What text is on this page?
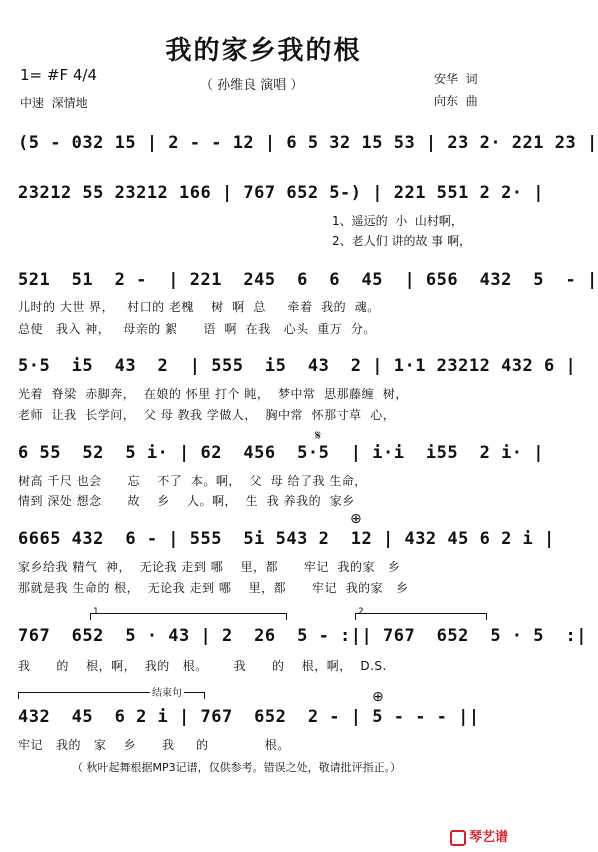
我的家乡我的根
1= #F 4/4
（ 孙维良 演唱 ）
中速  深情地
安华  词
向东  曲
(5 - 032 15 | 2 - - 12 | 6 5 32 15 53 | 23 2· 221 23 |
23212 55 23212 166 | 767 652 5-) | 221 551 2 2· |
1、遥远的  小  山村啊，
2、老人们 讲的故 事 啊，
521  51  2 -  | 221  245  6  6  45  | 656  432  5  - |
儿时的 大世 界，   村口的 老槐    树  啊  总     牵着  我的  魂。
总使   我入 神，   母亲的 絮      语  啊  在我   心头  重万  分。
5·5  i5  43  2  | 555  i5  43  2 | 1·1 23212 432 6 |
光着  脊梁  赤脚奔，  在娘的 怀里 打个 盹，  梦中常  思那藤缠  树，
老师  让我  长学问，  父 母 教我 学做人，  胸中常  怀那寸草  心，
𝄋
6 55  52  5 i· | 62  456  5·5  | i·i  i55  2 i· |
树高 千尺 也会      忘    不了  本。啊，  父  母 给了我 生命，
情到 深处 想念      故    乡    人。啊，  生  我 养我的  家乡
⊕
6665 432  6 - | 555  5i 543 2  12 | 432 45 6 2 i |
家乡给我 精气  神，  无论我 走到 哪    里，都      牢记  我的家   乡
那就是我 生命的 根，  无论我 走到 哪    里，都      牢记  我的家   乡
1	2
767  652  5 · 43 | 2  26  5 - :|| 767  652  5 · 5  :|
我      的    根，啊，  我的   根。      我      的    根，啊，  D.S.
结束句	⊕
432  45  6 2 i | 767  652  2 - | 5 - - - ||
牢记   我的   家    乡      我     的             根。
（ 秋叶起舞根据MP3记谱，仅供参考。错误之处，敬请批评指正。）
琴艺谱
